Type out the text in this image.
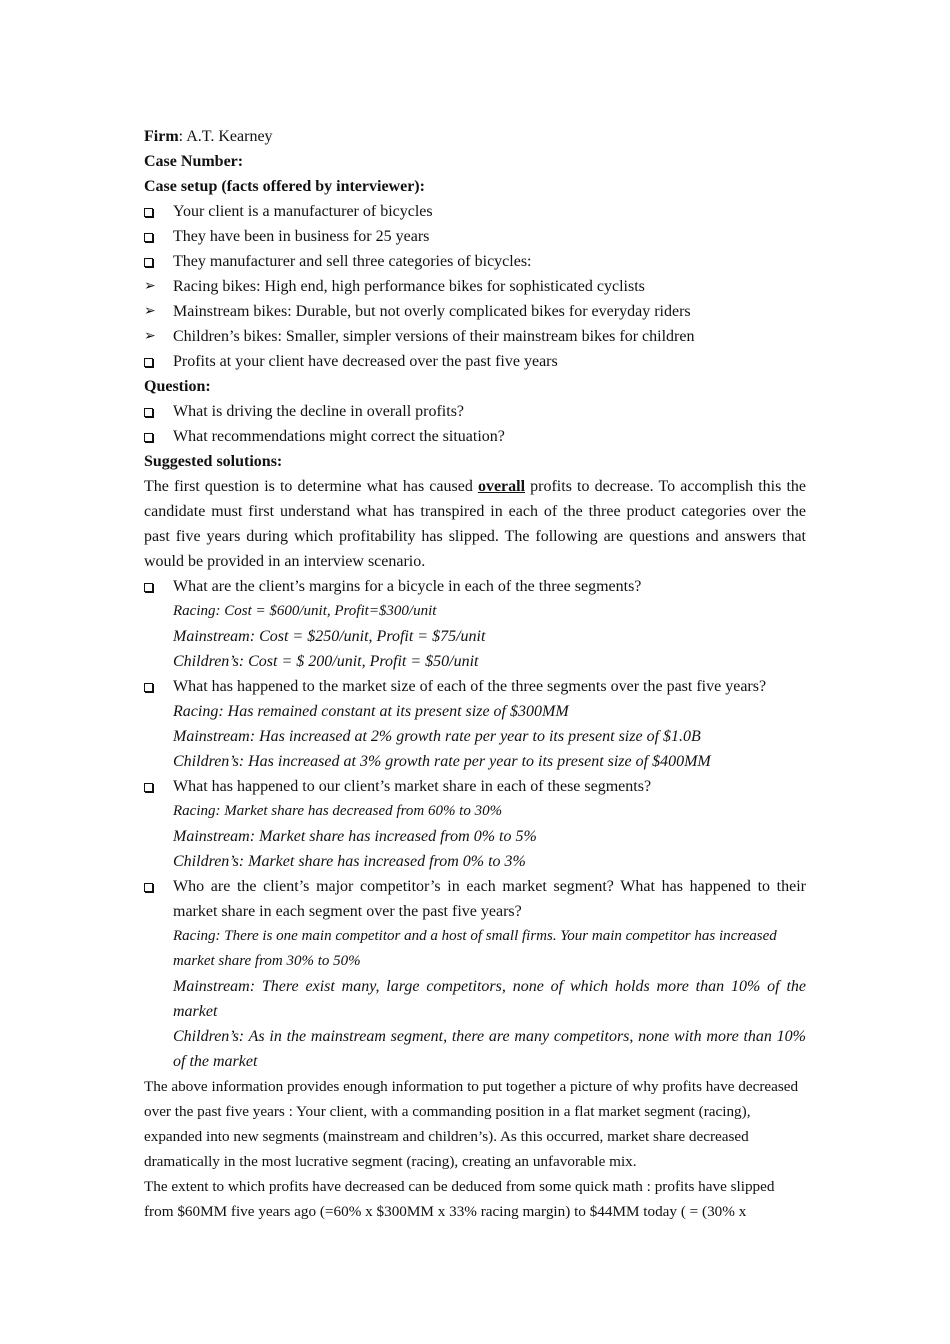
Firm: A.T. Kearney
Case Number:
Case setup (facts offered by interviewer):
Your client is a manufacturer of bicycles
They have been in business for 25 years
They manufacturer and sell three categories of bicycles:
➢ Racing bikes: High end, high performance bikes for sophisticated cyclists
➢ Mainstream bikes: Durable, but not overly complicated bikes for everyday riders
➢ Children’s bikes: Smaller, simpler versions of their mainstream bikes for children
Profits at your client have decreased over the past five years
Question:
What is driving the decline in overall profits?
What recommendations might correct the situation?
Suggested solutions:
The first question is to determine what has caused overall profits to decrease. To accomplish this the candidate must first understand what has transpired in each of the three product categories over the past five years during which profitability has slipped. The following are questions and answers that would be provided in an interview scenario.
What are the client’s margins for a bicycle in each of the three segments?
Racing: Cost = $600/unit, Profit=$300/unit
Mainstream: Cost = $250/unit, Profit = $75/unit
Children’s: Cost = $ 200/unit, Profit = $50/unit
What has happened to the market size of each of the three segments over the past five years?
Racing: Has remained constant at its present size of $300MM
Mainstream: Has increased at 2% growth rate per year to its present size of $1.0B
Children’s: Has increased at 3% growth rate per year to its present size of $400MM
What has happened to our client’s market share in each of these segments?
Racing: Market share has decreased from 60% to 30%
Mainstream: Market share has increased from 0% to 5%
Children’s: Market share has increased from 0% to 3%
Who are the client’s major competitor’s in each market segment? What has happened to their market share in each segment over the past five years?
Racing: There is one main competitor and a host of small firms. Your main competitor has increased market share from 30% to 50%
Mainstream: There exist many, large competitors, none of which holds more than 10% of the market
Children’s: As in the mainstream segment, there are many competitors, none with more than 10% of the market
The above information provides enough information to put together a picture of why profits have decreased over the past five years : Your client, with a commanding position in a flat market segment (racing), expanded into new segments (mainstream and children’s). As this occurred, market share decreased dramatically in the most lucrative segment (racing), creating an unfavorable mix.
The extent to which profits have decreased can be deduced from some quick math : profits have slipped from $60MM five years ago (=60% x $300MM x 33% racing margin) to $44MM today ( = (30% x
